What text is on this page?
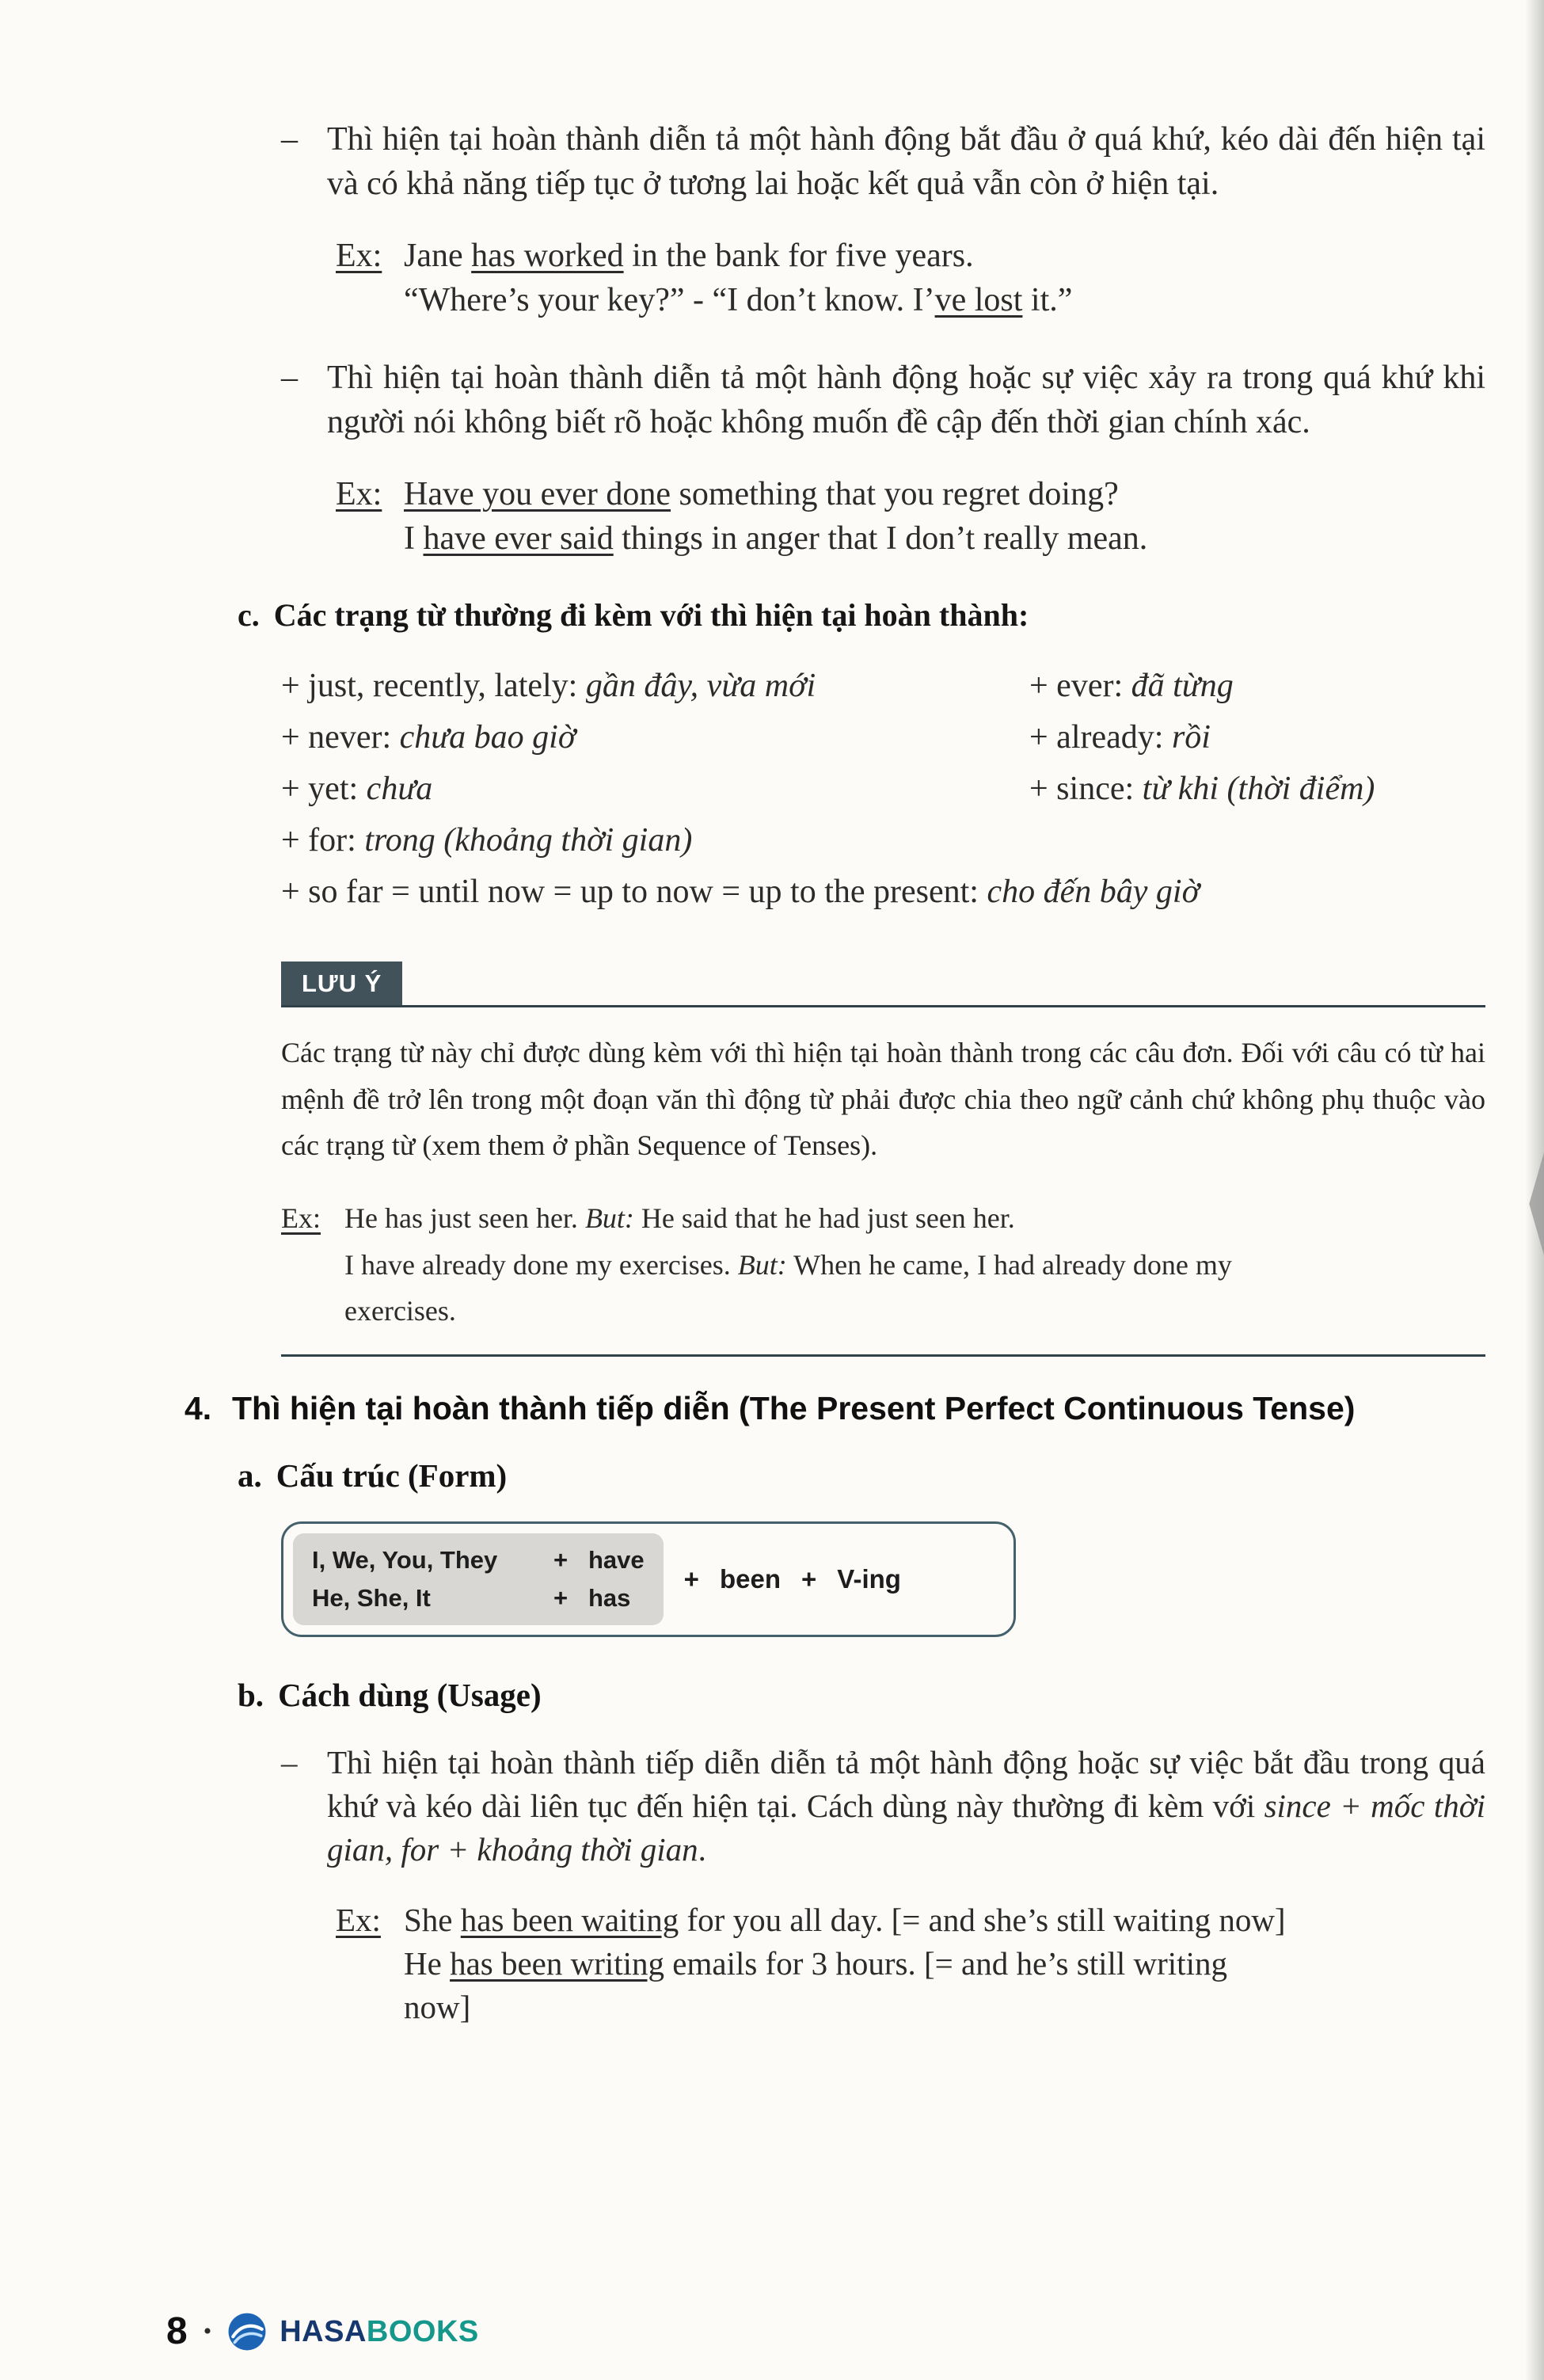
– Thì hiện tại hoàn thành diễn tả một hành động bắt đầu ở quá khứ, kéo dài đến hiện tại và có khả năng tiếp tục ở tương lai hoặc kết quả vẫn còn ở hiện tại.
Ex: Jane has worked in the bank for five years.
“Where’s your key?” - “I don’t know. I’ve lost it.”
– Thì hiện tại hoàn thành diễn tả một hành động hoặc sự việc xảy ra trong quá khứ khi người nói không biết rõ hoặc không muốn đề cập đến thời gian chính xác.
Ex: Have you ever done something that you regret doing?
I have ever said things in anger that I don’t really mean.
c. Các trạng từ thường đi kèm với thì hiện tại hoàn thành:
+ just, recently, lately: gần đây, vừa mới	+ ever: đã từng
+ never: chưa bao giờ	+ already: rồi
+ yet: chưa	+ since: từ khi (thời điểm)
+ for: trong (khoảng thời gian)
+ so far = until now = up to now = up to the present: cho đến bây giờ
LƯU Ý

Các trạng từ này chỉ được dùng kèm với thì hiện tại hoàn thành trong các câu đơn. Đối với câu có từ hai mệnh đề trở lên trong một đoạn văn thì động từ phải được chia theo ngữ cảnh chứ không phụ thuộc vào các trạng từ (xem them ở phần Sequence of Tenses).

Ex: He has just seen her. But: He said that he had just seen her.
I have already done my exercises. But: When he came, I had already done my
exercises.
4. Thì hiện tại hoàn thành tiếp diễn (The Present Perfect Continuous Tense)
a. Cấu trúc (Form)
I, We, You, They	+ have
He, She, It	+ has
+ been + V-ing
b. Cách dùng (Usage)
– Thì hiện tại hoàn thành tiếp diễn diễn tả một hành động hoặc sự việc bắt đầu trong quá khứ và kéo dài liên tục đến hiện tại. Cách dùng này thường đi kèm với since + mốc thời gian, for + khoảng thời gian.
Ex: She has been waiting for you all day. [= and she’s still waiting now]
He has been writing emails for 3 hours. [= and he’s still writing
now]
8 • HASA BOOKS
